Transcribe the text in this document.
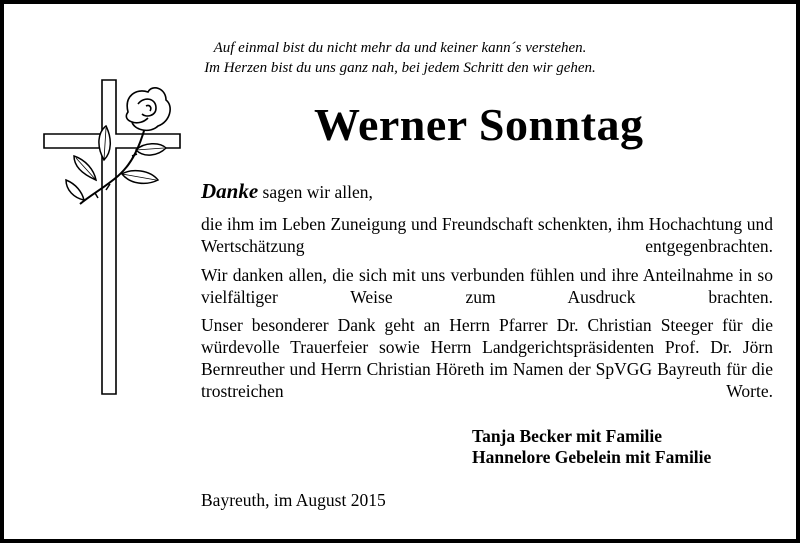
Auf einmal bist du nicht mehr da und keiner kann´s verstehen.
Im Herzen bist du uns ganz nah, bei jedem Schritt den wir gehen.
Werner Sonntag
Danke sagen wir allen,

die ihm im Leben Zuneigung und Freundschaft schenkten, ihm Hochachtung und Wertschätzung entgegenbrachten.

Wir danken allen, die sich mit uns verbunden fühlen und ihre Anteilnahme in so vielfältiger Weise zum Ausdruck brachten.

Unser besonderer Dank geht an Herrn Pfarrer Dr. Christian Steeger für die würdevolle Trauerfeier sowie Herrn Landgerichtspräsidenten Prof. Dr. Jörn Bernreuther und Herrn Christian Höreth im Namen der SpVGG Bayreuth für die trostreichen Worte.

Tanja Becker mit Familie
Hannelore Gebelein mit Familie
Bayreuth, im August 2015
